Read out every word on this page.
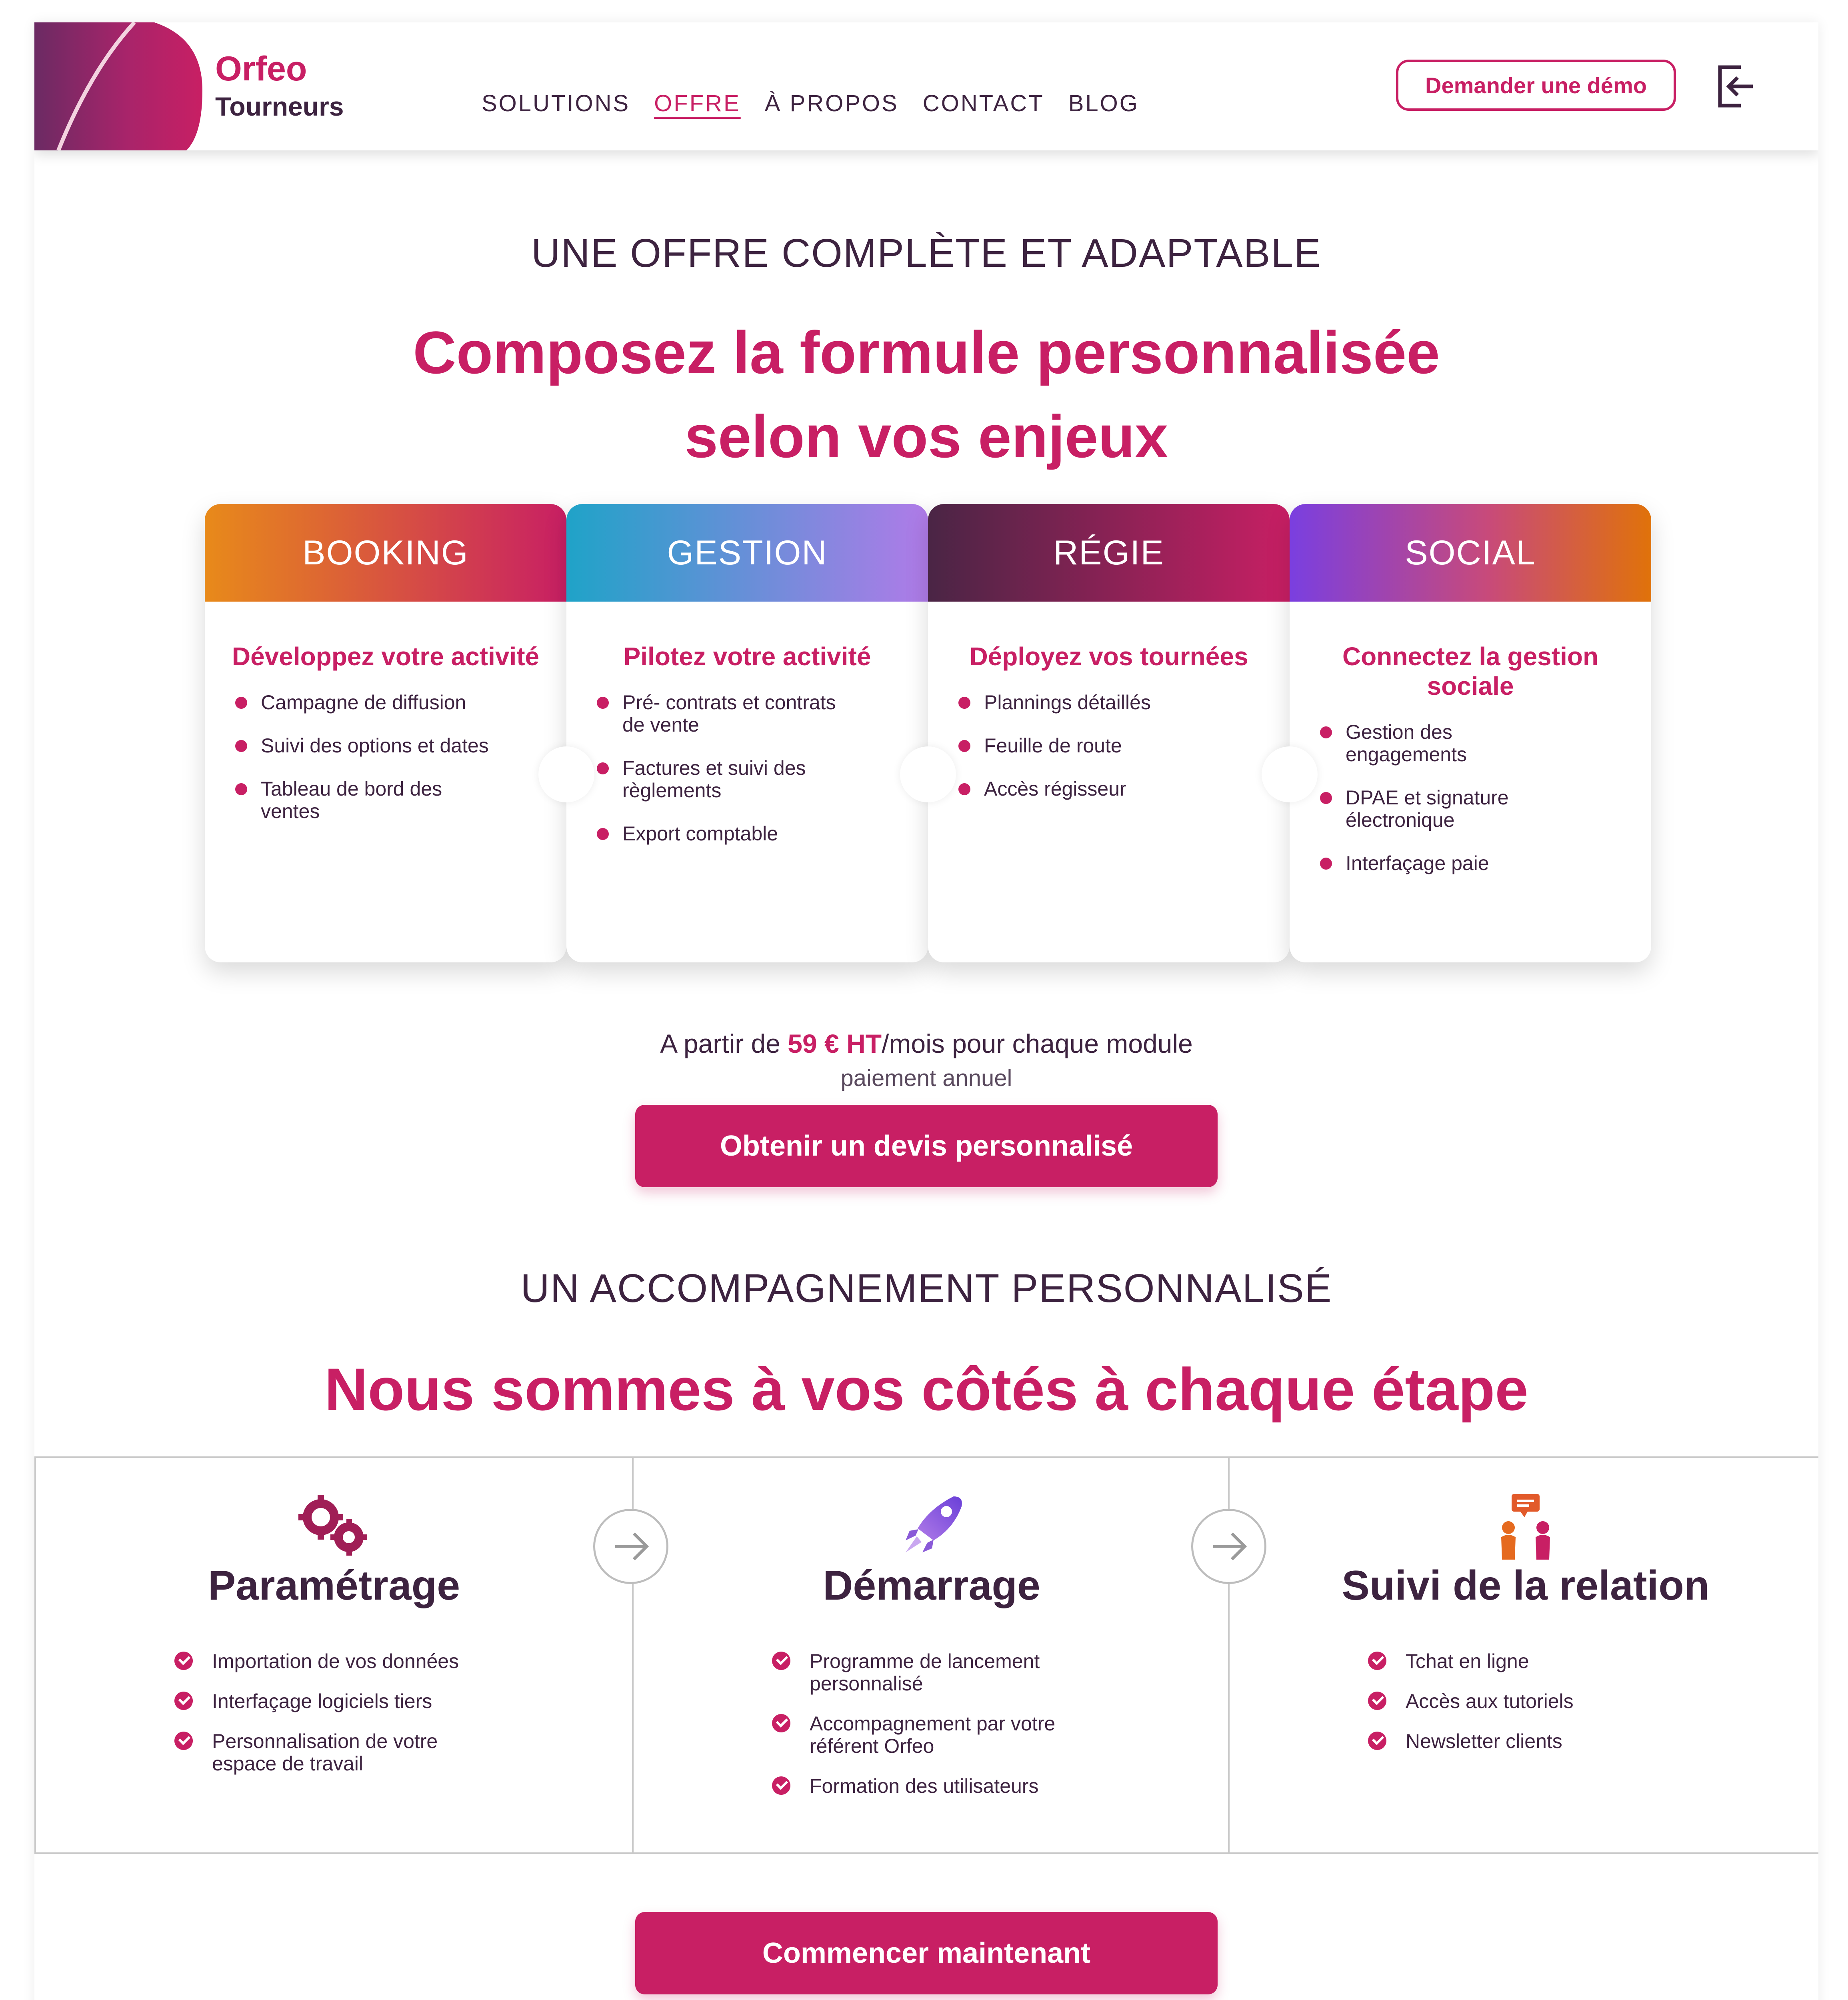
Orfeo
Tourneurs	SOLUTIONS OFFRE À PROPOS CONTACT BLOG
Demander une démo
UNE OFFRE COMPLÈTE ET ADAPTABLE
Composez la formule personnalisée
selon vos enjeux
BOOKING
Développez votre activité
Campagne de diffusion
Suivi des options et dates
Tableau de bord des ventes
GESTION
Pilotez votre activité
Pré- contrats et contrats de vente
Factures et suivi des règlements
Export comptable
RÉGIE
Déployez vos tournées
Plannings détaillés
Feuille de route
Accès régisseur
SOCIAL
Connectez la gestion sociale
Gestion des engagements
DPAE et signature électronique
Interfaçage paie
A partir de 59 € HT/mois pour chaque module
paiement annuel
Obtenir un devis personnalisé
UN ACCOMPAGNEMENT PERSONNALISÉ
Nous sommes à vos côtés à chaque étape
Paramétrage
Importation de vos données
Interfaçage logiciels tiers
Personnalisation de votre espace de travail
Démarrage
Programme de lancement personnalisé
Accompagnement par votre référent Orfeo
Formation des utilisateurs
Suivi de la relation
Tchat en ligne
Accès aux tutoriels
Newsletter clients
Commencer maintenant
